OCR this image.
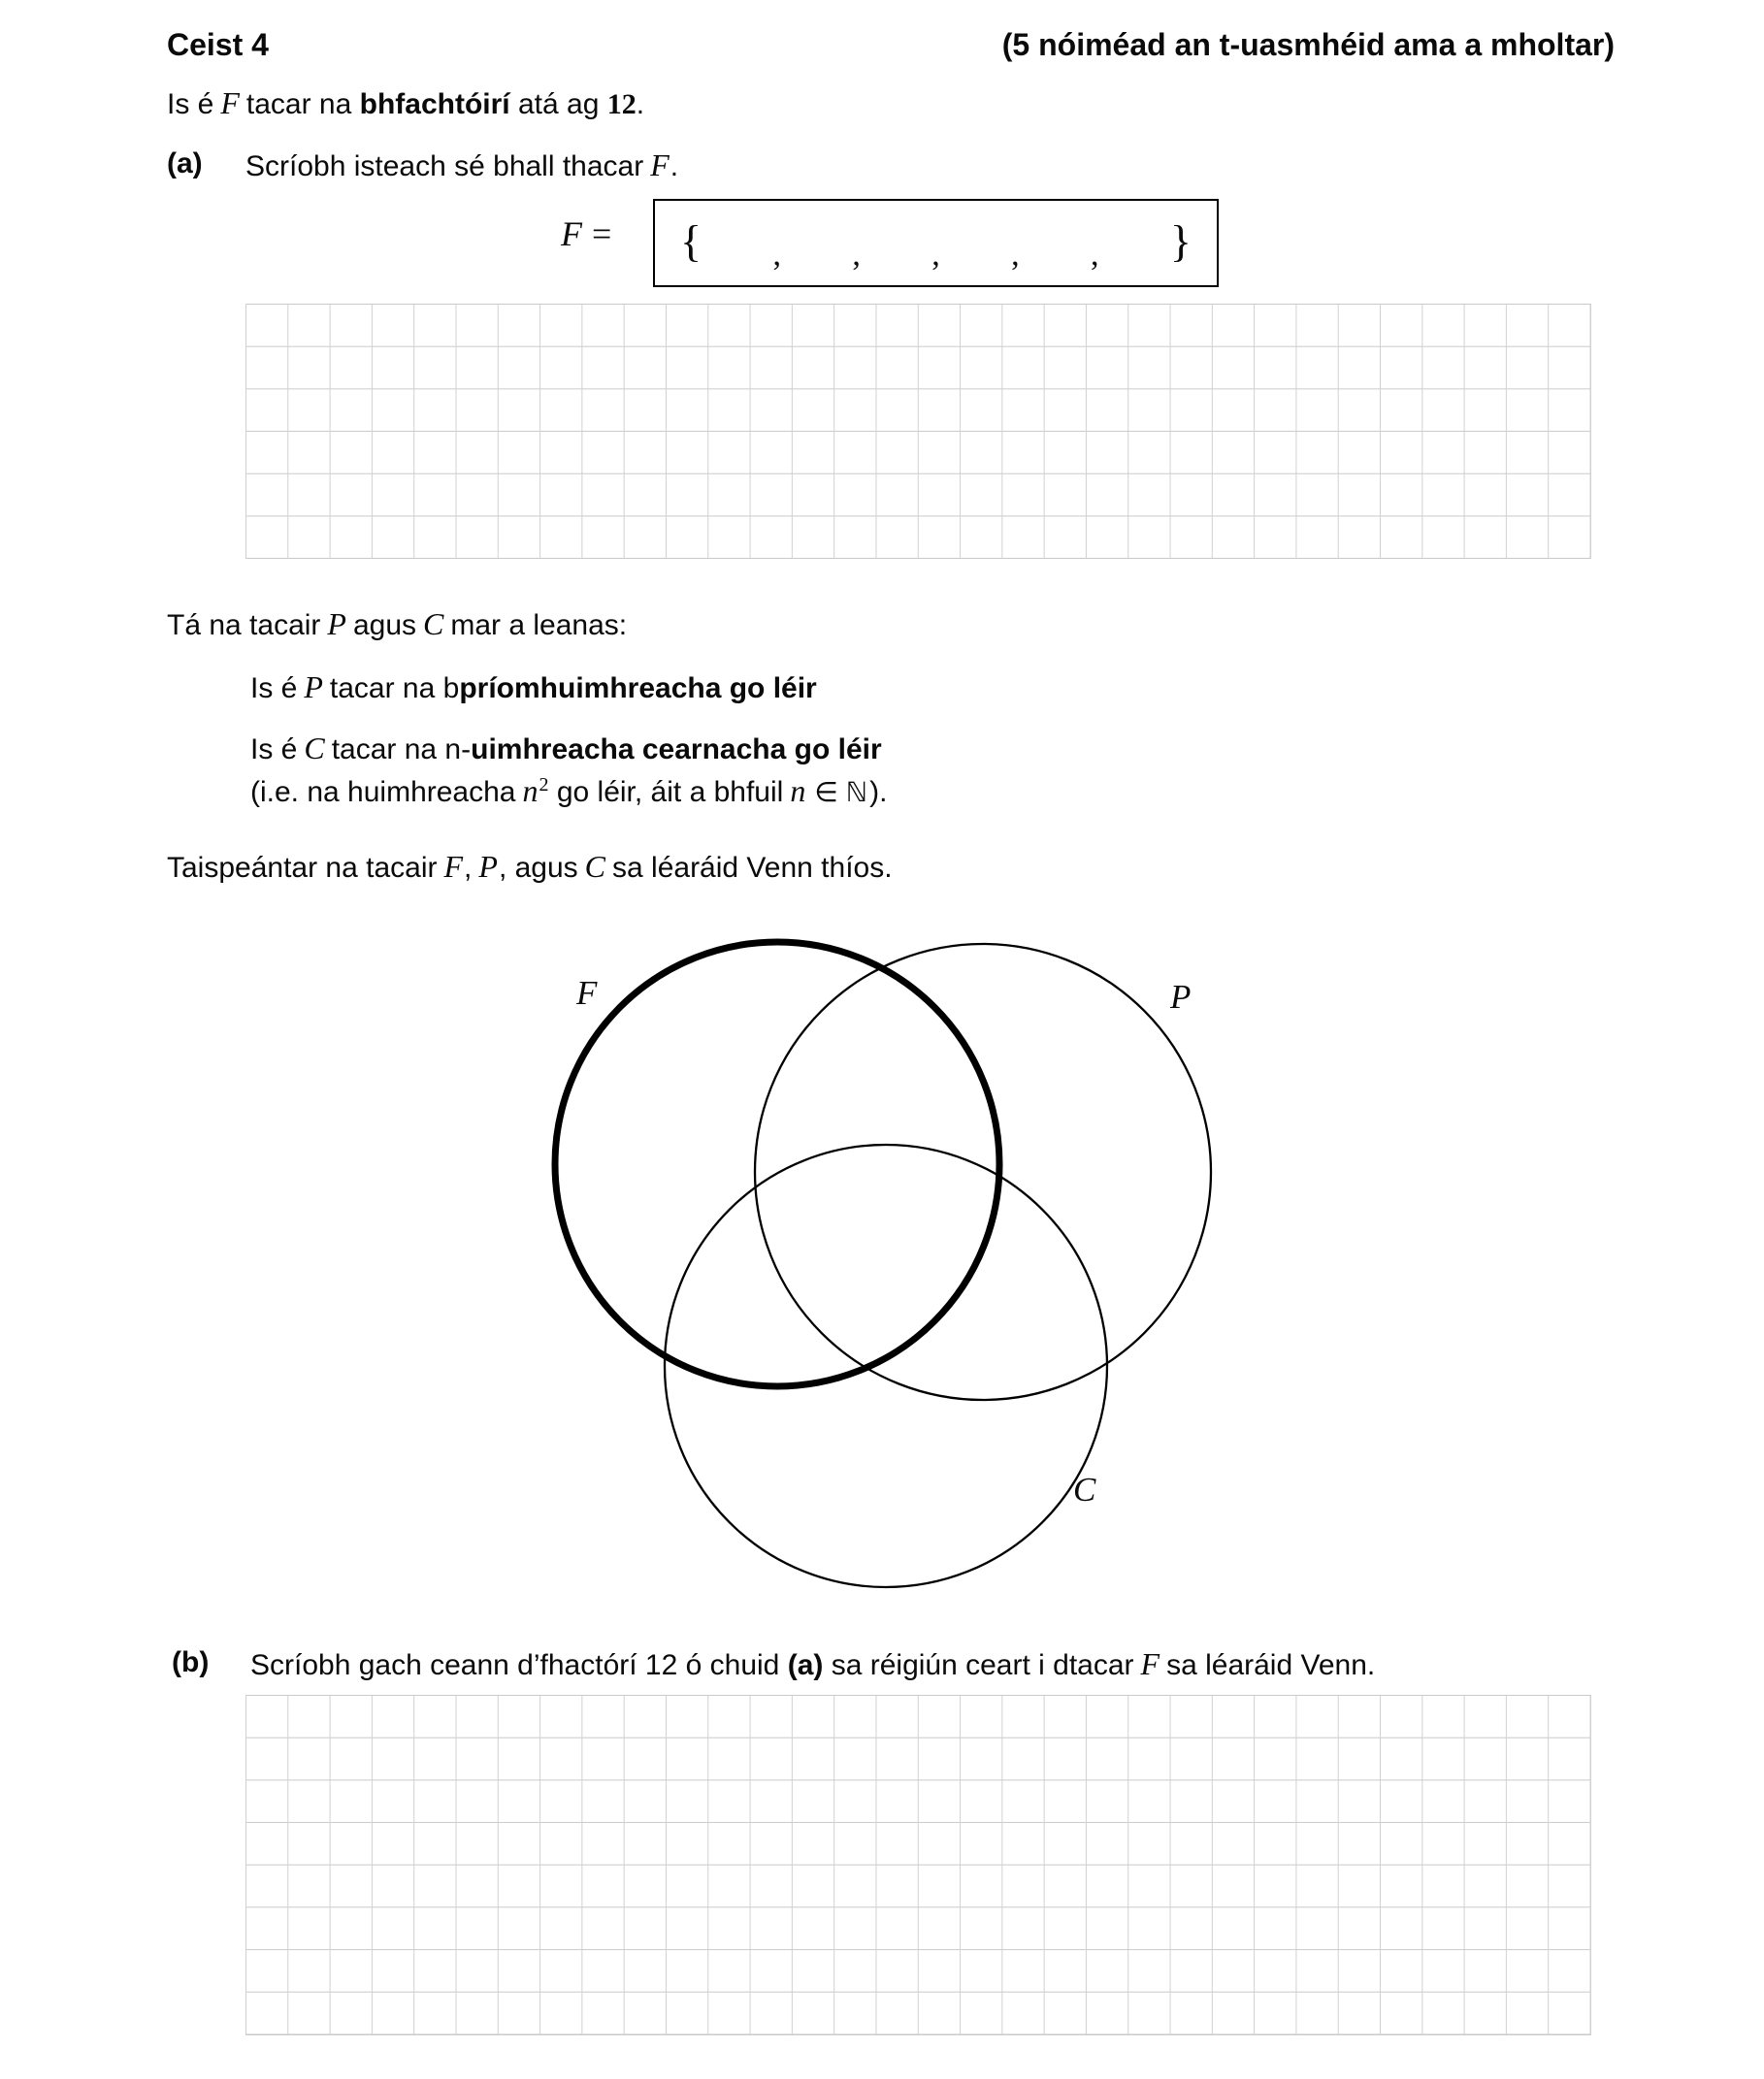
Ceist 4	(5 nóiméad an t-uasmhéid ama a mholtar)
Is é F tacar na bhfachtóirí atá ag 12.
(a) Scríobh isteach sé bhall thacar F.
F = { , , , , , }
Tá na tacair P agus C mar a leanas:
Is é P tacar na bpríomhuimhreacha go léir
Is é C tacar na n-uimhreacha cearnacha go léir
(i.e. na huimhreacha $n^2$ go léir, áit a bhfuil n ∈ ℕ).
Taispeántar na tacair F, P, agus C sa léaráid Venn thíos.
F	P
C
(b) Scríobh gach ceann d’fhactórí 12 ó chuid (a) sa réigiún ceart i dtacar F sa léaráid Venn.
